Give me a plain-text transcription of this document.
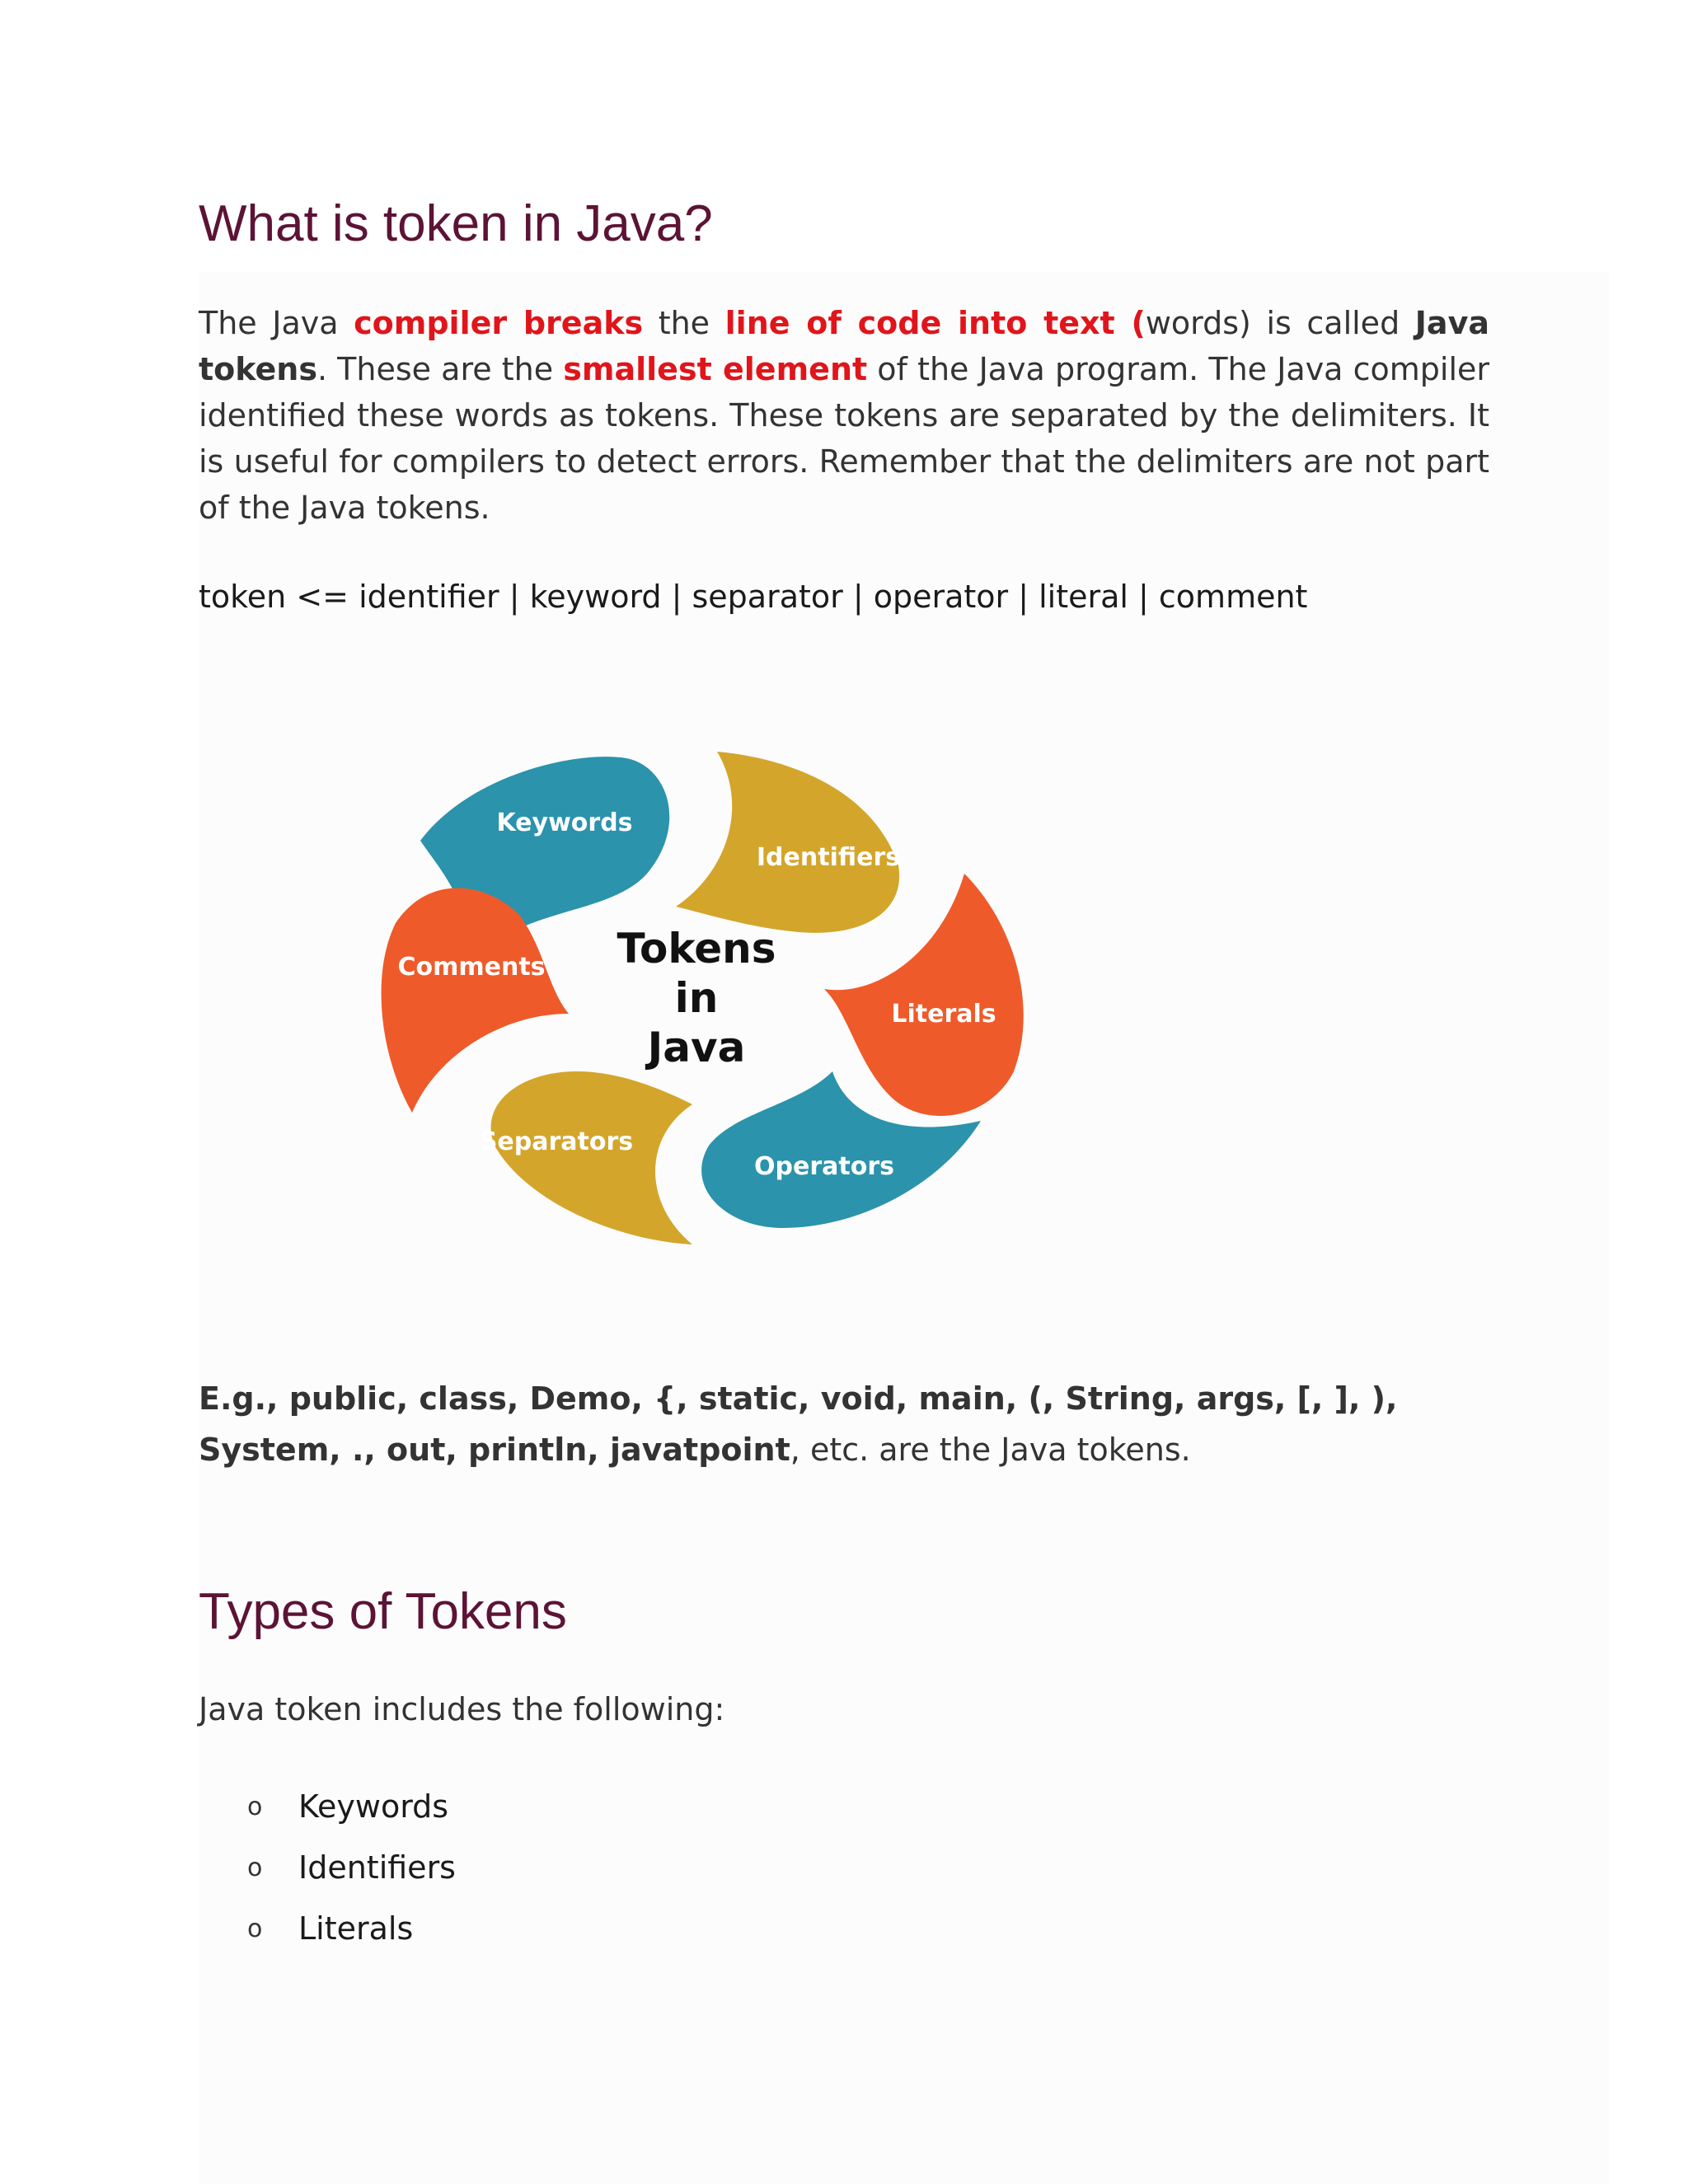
What is token in Java?

The Java compiler breaks the line of code into text (words) is called Java tokens. These are the smallest element of the Java program. The Java compiler identified these words as tokens. These tokens are separated by the delimiters. It is useful for compilers to detect errors. Remember that the delimiters are not part of the Java tokens.

token <= identifier | keyword | separator | operator | literal | comment

Keywords
Identifiers
Literals
Operators
Separators
Comments Tokens
in
Java

E.g., public, class, Demo, {, static, void, main, (, String, args, [, ], ), System, ., out, println, javatpoint, etc. are the Java tokens.

Types of Tokens

Java token includes the following:

o	Keywords
o	Identifiers
o	Literals
